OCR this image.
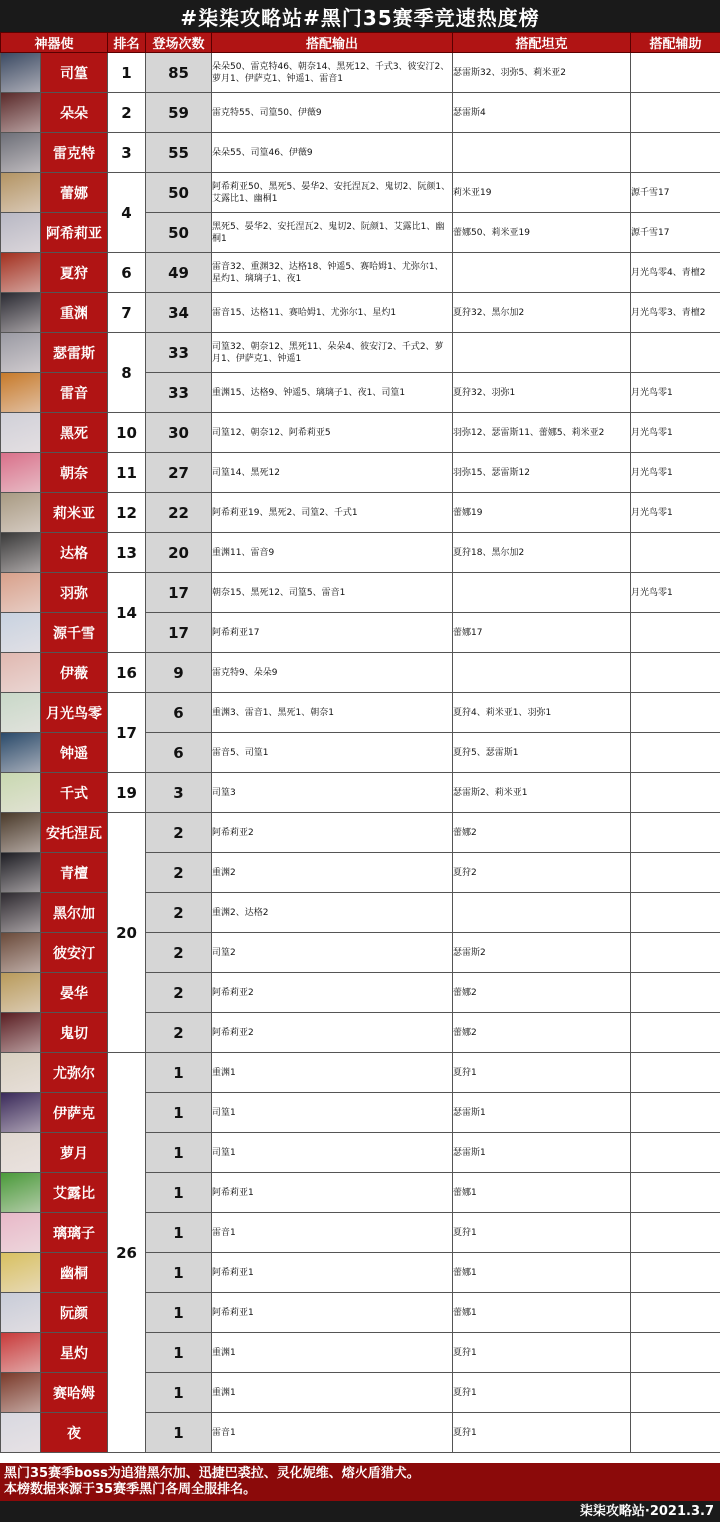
#柒柒攻略站#黑门35赛季竞速热度榜
神器使		排名	登场次数	搭配输出	搭配坦克	搭配辅助

	司篁	1	85	朵朵50、雷克特46、朝奈14、黑死12、千式3、彼安汀2、萝月1、伊萨克1、钟遥1、雷音1	瑟雷斯32、羽弥5、莉米亚2	

	朵朵	2	59	雷克特55、司篁50、伊薇9	瑟雷斯4	

	雷克特	3	55	朵朵55、司篁46、伊薇9		

	蕾娜	4	50	阿希莉亚50、黑死5、晏华2、安托涅瓦2、鬼切2、阮颜1、艾露比1、幽桐1	莉米亚19	源千雪17

	阿希莉亚		50	黑死5、晏华2、安托涅瓦2、鬼切2、阮颜1、艾露比1、幽桐1	蕾娜50、莉米亚19	源千雪17

	夏狩	6	49	雷音32、重渊32、达格18、钟遥5、赛哈姆1、尤弥尔1、星灼1、璃璃子1、夜1		月光鸟零4、青檀2

	重渊	7	34	雷音15、达格11、赛哈姆1、尤弥尔1、星灼1	夏狩32、黑尔加2	月光鸟零3、青檀2

	瑟雷斯	8	33	司篁32、朝奈12、黑死11、朵朵4、彼安汀2、千式2、萝月1、伊萨克1、钟遥1		

	雷音		33	重渊15、达格9、钟遥5、璃璃子1、夜1、司篁1	夏狩32、羽弥1	月光鸟零1

	黑死	10	30	司篁12、朝奈12、阿希莉亚5	羽弥12、瑟雷斯11、蕾娜5、莉米亚2	月光鸟零1

	朝奈	11	27	司篁14、黑死12	羽弥15、瑟雷斯12	月光鸟零1

	莉米亚	12	22	阿希莉亚19、黑死2、司篁2、千式1	蕾娜19	月光鸟零1

	达格	13	20	重渊11、雷音9	夏狩18、黑尔加2	

	羽弥	14	17	朝奈15、黑死12、司篁5、雷音1		月光鸟零1

	源千雪		17	阿希莉亚17	蕾娜17	

	伊薇	16	9	雷克特9、朵朵9		

	月光鸟零	17	6	重渊3、雷音1、黑死1、朝奈1	夏狩4、莉米亚1、羽弥1	

	钟遥		6	雷音5、司篁1	夏狩5、瑟雷斯1	

	千式	19	3	司篁3	瑟雷斯2、莉米亚1	

	安托涅瓦	20	2	阿希莉亚2	蕾娜2	

	青檀		2	重渊2	夏狩2	

	黑尔加		2	重渊2、达格2		

	彼安汀		2	司篁2	瑟雷斯2	

	晏华		2	阿希莉亚2	蕾娜2	

	鬼切		2	阿希莉亚2	蕾娜2	

	尤弥尔	26	1	重渊1	夏狩1	

	伊萨克		1	司篁1	瑟雷斯1	

	萝月		1	司篁1	瑟雷斯1	

	艾露比		1	阿希莉亚1	蕾娜1	

	璃璃子		1	雷音1	夏狩1	

	幽桐		1	阿希莉亚1	蕾娜1	

	阮颜		1	阿希莉亚1	蕾娜1	

	星灼		1	重渊1	夏狩1	

	赛哈姆		1	重渊1	夏狩1	

	夜		1	雷音1	夏狩1	
黑门35赛季boss为追猎黑尔加、迅捷巴裘拉、灵化妮维、熔火盾猎犬。
本榜数据来源于35赛季黑门各周全服排名。
柒柒攻略站·2021.3.7
